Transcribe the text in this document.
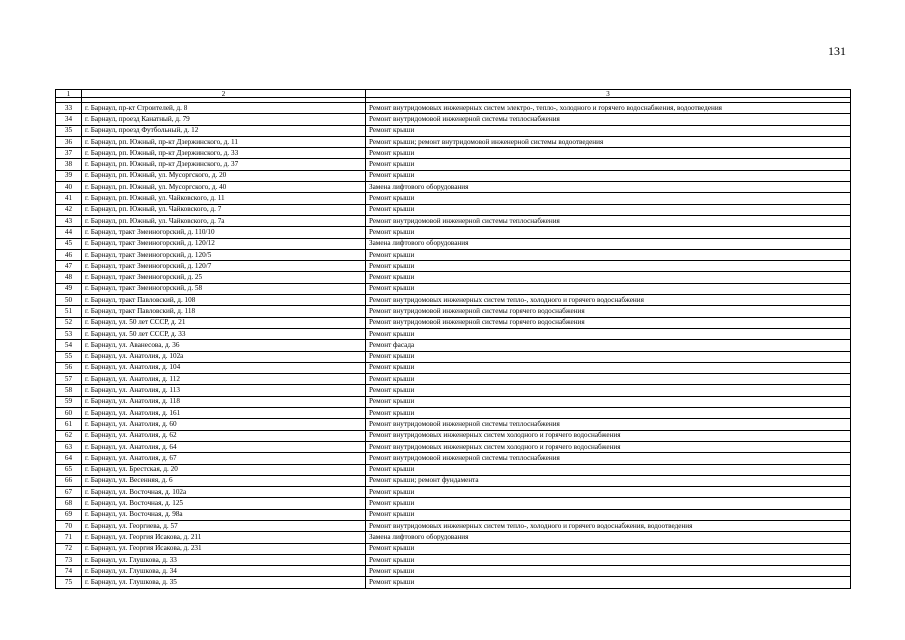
131
1	2	3

33	г. Барнаул, пр-кт Строителей, д. 8	Ремонт внутридомовых инженерных систем электро-, тепло-, холодного и горячего водоснабжения, водоотведения
34	г. Барнаул, проезд Канатный, д. 79	Ремонт внутридомовой инженерной системы теплоснабжения
35	г. Барнаул, проезд Футбольный, д. 12	Ремонт крыши
36	г. Барнаул, рп. Южный, пр-кт Дзержинского, д. 11	Ремонт крыши; ремонт внутридомовой инженерной системы водоотведения
37	г. Барнаул, рп. Южный, пр-кт Дзержинского, д. 33	Ремонт крыши
38	г. Барнаул, рп. Южный, пр-кт Дзержинского, д. 37	Ремонт крыши
39	г. Барнаул, рп. Южный, ул. Мусоргского, д. 20	Ремонт крыши
40	г. Барнаул, рп. Южный, ул. Мусоргского, д. 40	Замена лифтового оборудования
41	г. Барнаул, рп. Южный, ул. Чайковского, д. 11	Ремонт крыши
42	г. Барнаул, рп. Южный, ул. Чайковского, д. 7	Ремонт крыши
43	г. Барнаул, рп. Южный, ул. Чайковского, д. 7а	Ремонт внутридомовой инженерной системы теплоснабжения
44	г. Барнаул, тракт Змеиногорский, д. 110/10	Ремонт крыши
45	г. Барнаул, тракт Змеиногорский, д. 120/12	Замена лифтового оборудования
46	г. Барнаул, тракт Змеиногорский, д. 120/5	Ремонт крыши
47	г. Барнаул, тракт Змеиногорский, д. 120/7	Ремонт крыши
48	г. Барнаул, тракт Змеиногорский, д. 25	Ремонт крыши
49	г. Барнаул, тракт Змеиногорский, д. 58	Ремонт крыши
50	г. Барнаул, тракт Павловский, д. 108	Ремонт внутридомовых инженерных систем тепло-, холодного и горячего водоснабжения
51	г. Барнаул, тракт Павловский, д. 118	Ремонт внутридомовой инженерной системы горячего водоснабжения
52	г. Барнаул, ул. 50 лет СССР, д. 21	Ремонт внутридомовой инженерной системы горячего водоснабжения
53	г. Барнаул, ул. 50 лет СССР, д. 33	Ремонт крыши
54	г. Барнаул, ул. Аванесова, д. 36	Ремонт фасада
55	г. Барнаул, ул. Анатолия, д. 102а	Ремонт крыши
56	г. Барнаул, ул. Анатолия, д. 104	Ремонт крыши
57	г. Барнаул, ул. Анатолия, д. 112	Ремонт крыши
58	г. Барнаул, ул. Анатолия, д. 113	Ремонт крыши
59	г. Барнаул, ул. Анатолия, д. 118	Ремонт крыши
60	г. Барнаул, ул. Анатолия, д. 161	Ремонт крыши
61	г. Барнаул, ул. Анатолия, д. 60	Ремонт внутридомовой инженерной системы теплоснабжения
62	г. Барнаул, ул. Анатолия, д. 62	Ремонт внутридомовых инженерных систем холодного и горячего водоснабжения
63	г. Барнаул, ул. Анатолия, д. 64	Ремонт внутридомовых инженерных систем холодного и горячего водоснабжения
64	г. Барнаул, ул. Анатолия, д. 67	Ремонт внутридомовой инженерной системы теплоснабжения
65	г. Барнаул, ул. Брестская, д. 20	Ремонт крыши
66	г. Барнаул, ул. Весенняя, д. 6	Ремонт крыши; ремонт фундамента
67	г. Барнаул, ул. Восточная, д. 102а	Ремонт крыши
68	г. Барнаул, ул. Восточная, д. 125	Ремонт крыши
69	г. Барнаул, ул. Восточная, д. 98а	Ремонт крыши
70	г. Барнаул, ул. Георгиева, д. 57	Ремонт внутридомовых инженерных систем тепло-, холодного и горячего водоснабжения, водоотведения
71	г. Барнаул, ул. Георгия Исакова, д. 211	Замена лифтового оборудования
72	г. Барнаул, ул. Георгия Исакова, д. 231	Ремонт крыши
73	г. Барнаул, ул. Глушкова, д. 33	Ремонт крыши
74	г. Барнаул, ул. Глушкова, д. 34	Ремонт крыши
75	г. Барнаул, ул. Глушкова, д. 35	Ремонт крыши
